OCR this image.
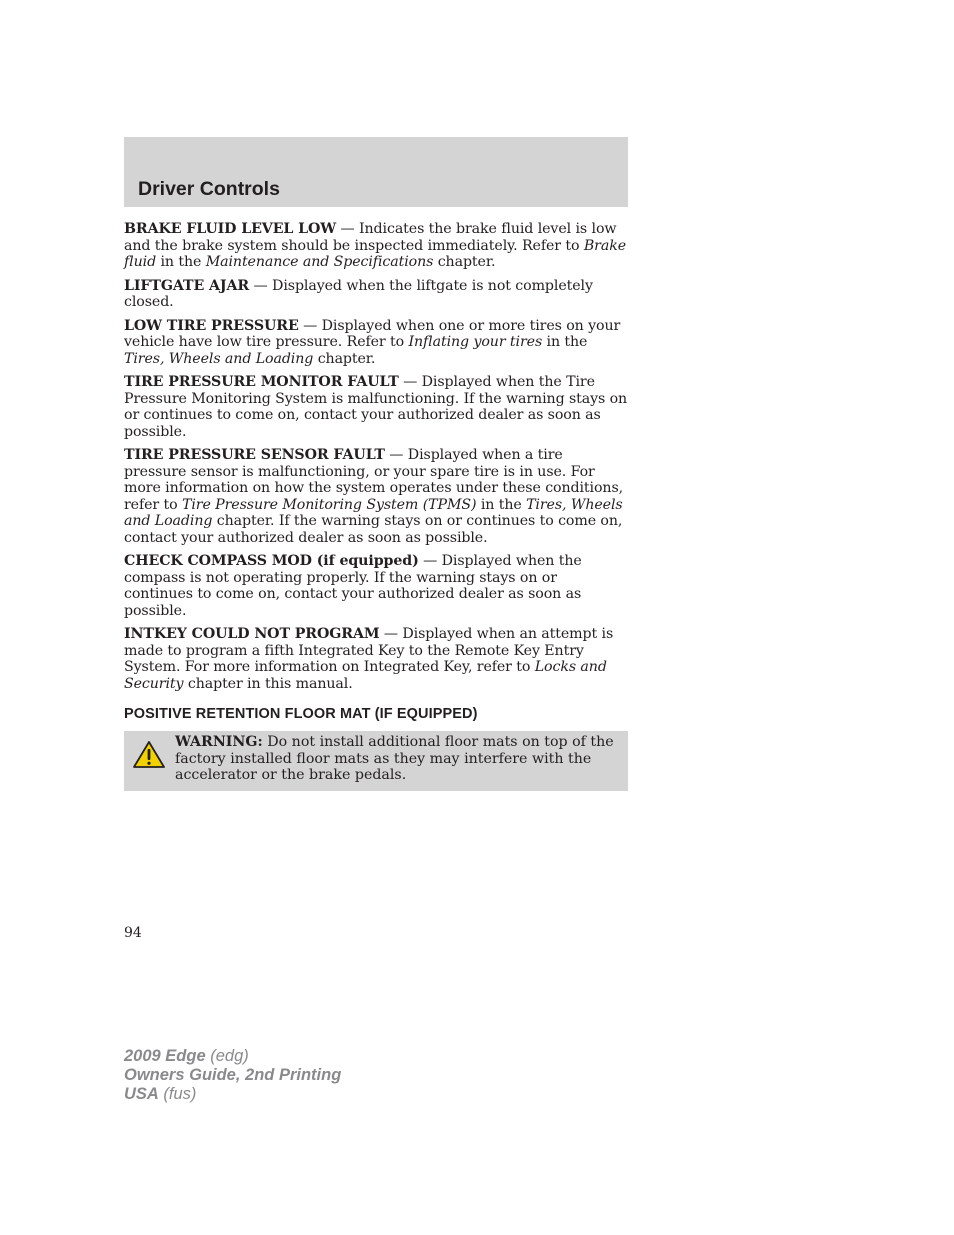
Driver Controls

BRAKE FLUID LEVEL LOW — Indicates the brake fluid level is low and the brake system should be inspected immediately. Refer to Brake fluid in the Maintenance and Specifications chapter.

LIFTGATE AJAR — Displayed when the liftgate is not completely closed.

LOW TIRE PRESSURE — Displayed when one or more tires on your vehicle have low tire pressure. Refer to Inflating your tires in the Tires, Wheels and Loading chapter.

TIRE PRESSURE MONITOR FAULT — Displayed when the Tire Pressure Monitoring System is malfunctioning. If the warning stays on or continues to come on, contact your authorized dealer as soon as possible.

TIRE PRESSURE SENSOR FAULT — Displayed when a tire pressure sensor is malfunctioning, or your spare tire is in use. For more information on how the system operates under these conditions, refer to Tire Pressure Monitoring System (TPMS) in the Tires, Wheels and Loading chapter. If the warning stays on or continues to come on, contact your authorized dealer as soon as possible.

CHECK COMPASS MOD (if equipped) — Displayed when the compass is not operating properly. If the warning stays on or continues to come on, contact your authorized dealer as soon as possible.

INTKEY COULD NOT PROGRAM — Displayed when an attempt is made to program a fifth Integrated Key to the Remote Key Entry System. For more information on Integrated Key, refer to Locks and Security chapter in this manual.

POSITIVE RETENTION FLOOR MAT (IF EQUIPPED)
WARNING: Do not install additional floor mats on top of the factory installed floor mats as they may interfere with the accelerator or the brake pedals.
94
2009 Edge (edg)
Owners Guide, 2nd Printing
USA (fus)
